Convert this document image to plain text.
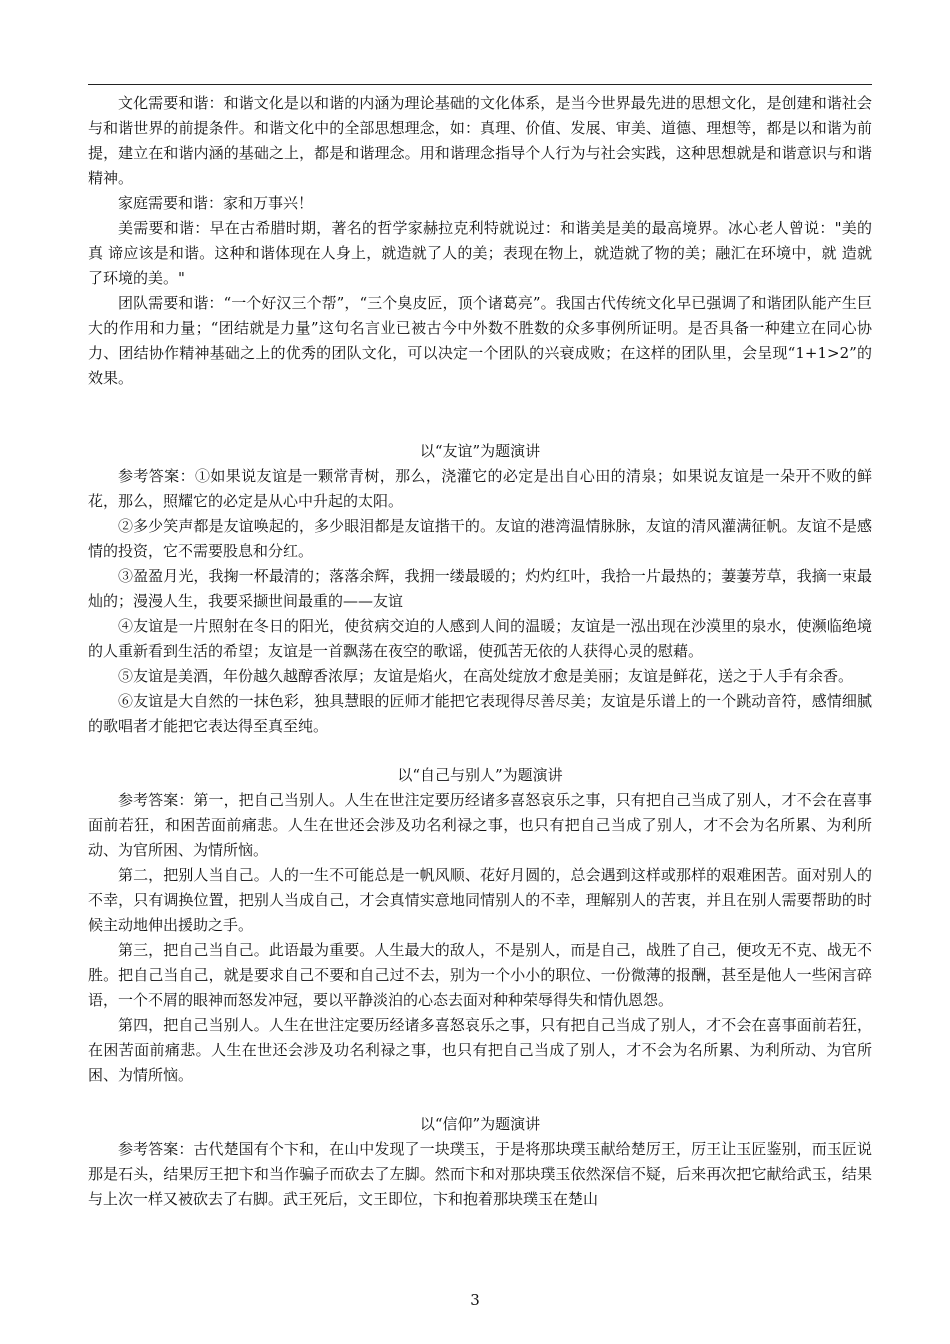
文化需要和谐：和谐文化是以和谐的内涵为理论基础的文化体系，是当今世界最先进的思想文化，是创建和谐社会与和谐世界的前提条件。和谐文化中的全部思想理念，如：真理、价值、发展、审美、道德、理想等，都是以和谐为前提，建立在和谐内涵的基础之上，都是和谐理念。用和谐理念指导个人行为与社会实践，这种思想就是和谐意识与和谐精神。

家庭需要和谐：家和万事兴！

美需要和谐：早在古希腊时期，著名的哲学家赫拉克利特就说过：和谐美是美的最高境界。冰心老人曾说："美的真 谛应该是和谐。这种和谐体现在人身上，就造就了人的美；表现在物上，就造就了物的美；融汇在环境中，就 造就了环境的美。"

团队需要和谐：“一个好汉三个帮”，“三个臭皮匠，顶个诸葛亮”。我国古代传统文化早已强调了和谐团队能产生巨大的作用和力量；“团结就是力量”这句名言业已被古今中外数不胜数的众多事例所证明。是否具备一种建立在同心协力、团结协作精神基础之上的优秀的团队文化，可以决定一个团队的兴衰成败；在这样的团队里，会呈现“1+1>2”的效果。

以“友谊”为题演讲

参考答案：①如果说友谊是一颗常青树，那么，浇灌它的必定是出自心田的清泉；如果说友谊是一朵开不败的鲜花，那么，照耀它的必定是从心中升起的太阳。

②多少笑声都是友谊唤起的，多少眼泪都是友谊揩干的。友谊的港湾温情脉脉，友谊的清风灌满征帆。友谊不是感情的投资，它不需要股息和分红。

③盈盈月光，我掬一杯最清的；落落余辉，我拥一缕最暖的；灼灼红叶，我拾一片最热的；萋萋芳草，我摘一束最灿的；漫漫人生，我要采撷世间最重的——友谊

④友谊是一片照射在冬日的阳光，使贫病交迫的人感到人间的温暖；友谊是一泓出现在沙漠里的泉水，使濒临绝境的人重新看到生活的希望；友谊是一首飘荡在夜空的歌谣，使孤苦无依的人获得心灵的慰藉。

⑤友谊是美酒，年份越久越醇香浓厚；友谊是焰火，在高处绽放才愈是美丽；友谊是鲜花，送之于人手有余香。

⑥友谊是大自然的一抹色彩，独具慧眼的匠师才能把它表现得尽善尽美；友谊是乐谱上的一个跳动音符，感情细腻的歌唱者才能把它表达得至真至纯。

以“自己与别人”为题演讲

参考答案：第一，把自己当别人。人生在世注定要历经诸多喜怒哀乐之事，只有把自己当成了别人，才不会在喜事面前若狂，和困苦面前痛悲。人生在世还会涉及功名利禄之事，也只有把自己当成了别人，才不会为名所累、为利所动、为官所困、为情所恼。

第二，把别人当自己。人的一生不可能总是一帆风顺、花好月圆的，总会遇到这样或那样的艰难困苦。面对别人的不幸，只有调换位置，把别人当成自己，才会真情实意地同情别人的不幸，理解别人的苦衷，并且在别人需要帮助的时候主动地伸出援助之手。

第三，把自己当自己。此语最为重要。人生最大的敌人，不是别人，而是自己，战胜了自己，便攻无不克、战无不胜。把自己当自己，就是要求自己不要和自己过不去，别为一个小小的职位、一份微薄的报酬，甚至是他人一些闲言碎语，一个不屑的眼神而怒发冲冠，要以平静淡泊的心态去面对种种荣辱得失和情仇恩怨。

第四，把自己当别人。人生在世注定要历经诸多喜怒哀乐之事，只有把自己当成了别人，才不会在喜事面前若狂，在困苦面前痛悲。人生在世还会涉及功名利禄之事，也只有把自己当成了别人，才不会为名所累、为利所动、为官所困、为情所恼。

以“信仰”为题演讲

参考答案：古代楚国有个卞和，在山中发现了一块璞玉，于是将那块璞玉献给楚厉王，厉王让玉匠鉴别，而玉匠说那是石头，结果厉王把卞和当作骗子而砍去了左脚。然而卞和对那块璞玉依然深信不疑，后来再次把它献给武玉，结果与上次一样又被砍去了右脚。武王死后，文王即位，卞和抱着那块璞玉在楚山

3
